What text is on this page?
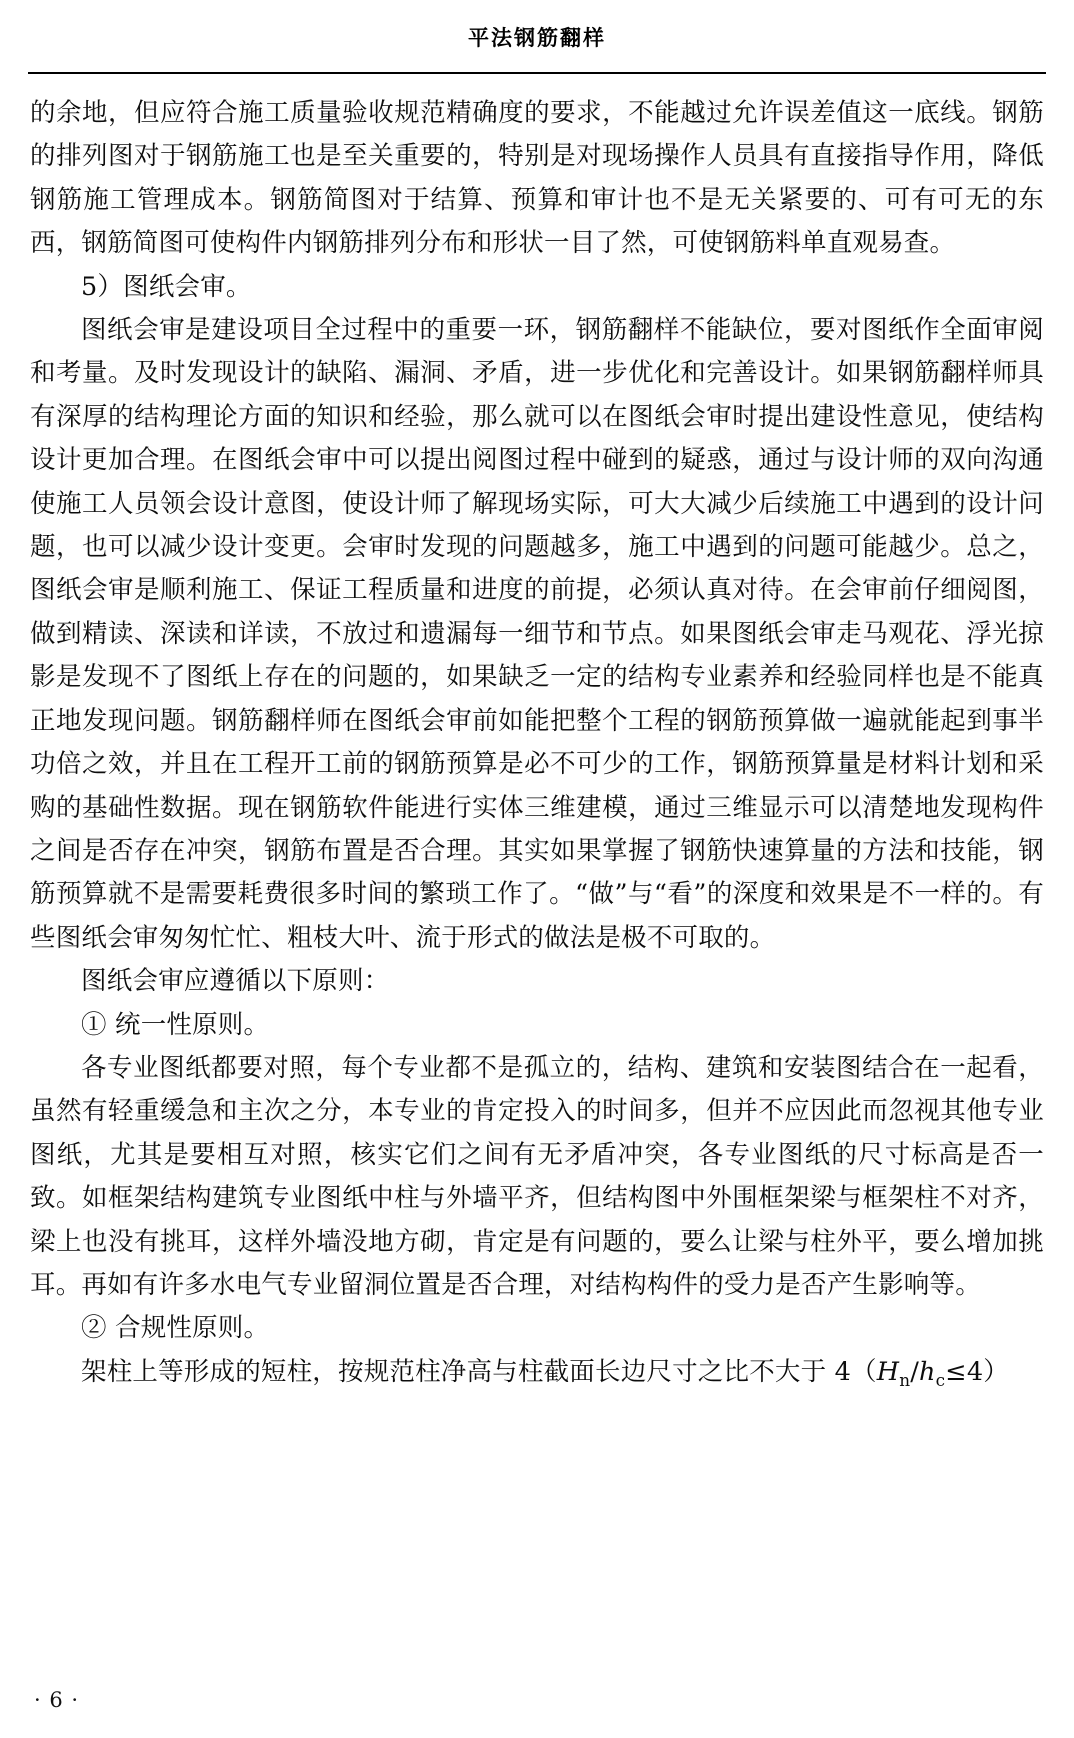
平法钢筋翻样

的余地，但应符合施工质量验收规范精确度的要求，不能越过允许误差值这一底线。钢筋的排列图对于钢筋施工也是至关重要的，特别是对现场操作人员具有直接指导作用，降低钢筋施工管理成本。钢筋简图对于结算、预算和审计也不是无关紧要的、可有可无的东西，钢筋简图可使构件内钢筋排列分布和形状一目了然，可使钢筋料单直观易查。

5）图纸会审。

图纸会审是建设项目全过程中的重要一环，钢筋翻样不能缺位，要对图纸作全面审阅和考量。及时发现设计的缺陷、漏洞、矛盾，进一步优化和完善设计。如果钢筋翻样师具有深厚的结构理论方面的知识和经验，那么就可以在图纸会审时提出建设性意见，使结构设计更加合理。在图纸会审中可以提出阅图过程中碰到的疑惑，通过与设计师的双向沟通使施工人员领会设计意图，使设计师了解现场实际，可大大减少后续施工中遇到的设计问题，也可以减少设计变更。会审时发现的问题越多，施工中遇到的问题可能越少。总之，图纸会审是顺利施工、保证工程质量和进度的前提，必须认真对待。在会审前仔细阅图，做到精读、深读和详读，不放过和遗漏每一细节和节点。如果图纸会审走马观花、浮光掠影是发现不了图纸上存在的问题的，如果缺乏一定的结构专业素养和经验同样也是不能真正地发现问题。钢筋翻样师在图纸会审前如能把整个工程的钢筋预算做一遍就能起到事半功倍之效，并且在工程开工前的钢筋预算是必不可少的工作，钢筋预算量是材料计划和采购的基础性数据。现在钢筋软件能进行实体三维建模，通过三维显示可以清楚地发现构件之间是否存在冲突，钢筋布置是否合理。其实如果掌握了钢筋快速算量的方法和技能，钢筋预算就不是需要耗费很多时间的繁琐工作了。“做”与“看”的深度和效果是不一样的。有些图纸会审匆匆忙忙、粗枝大叶、流于形式的做法是极不可取的。

图纸会审应遵循以下原则：

① 统一性原则。

各专业图纸都要对照，每个专业都不是孤立的，结构、建筑和安装图结合在一起看，虽然有轻重缓急和主次之分，本专业的肯定投入的时间多，但并不应因此而忽视其他专业图纸，尤其是要相互对照，核实它们之间有无矛盾冲突，各专业图纸的尺寸标高是否一致。如框架结构建筑专业图纸中柱与外墙平齐，但结构图中外围框架梁与框架柱不对齐，梁上也没有挑耳，这样外墙没地方砌，肯定是有问题的，要么让梁与柱外平，要么增加挑耳。再如有许多水电气专业留洞位置是否合理，对结构构件的受力是否产生影响等。

② 合规性原则。

架柱上等形成的短柱，按规范柱净高与柱截面长边尺寸之比不大于 $4(H_n/h_c\le 4)$

· 6 ·
